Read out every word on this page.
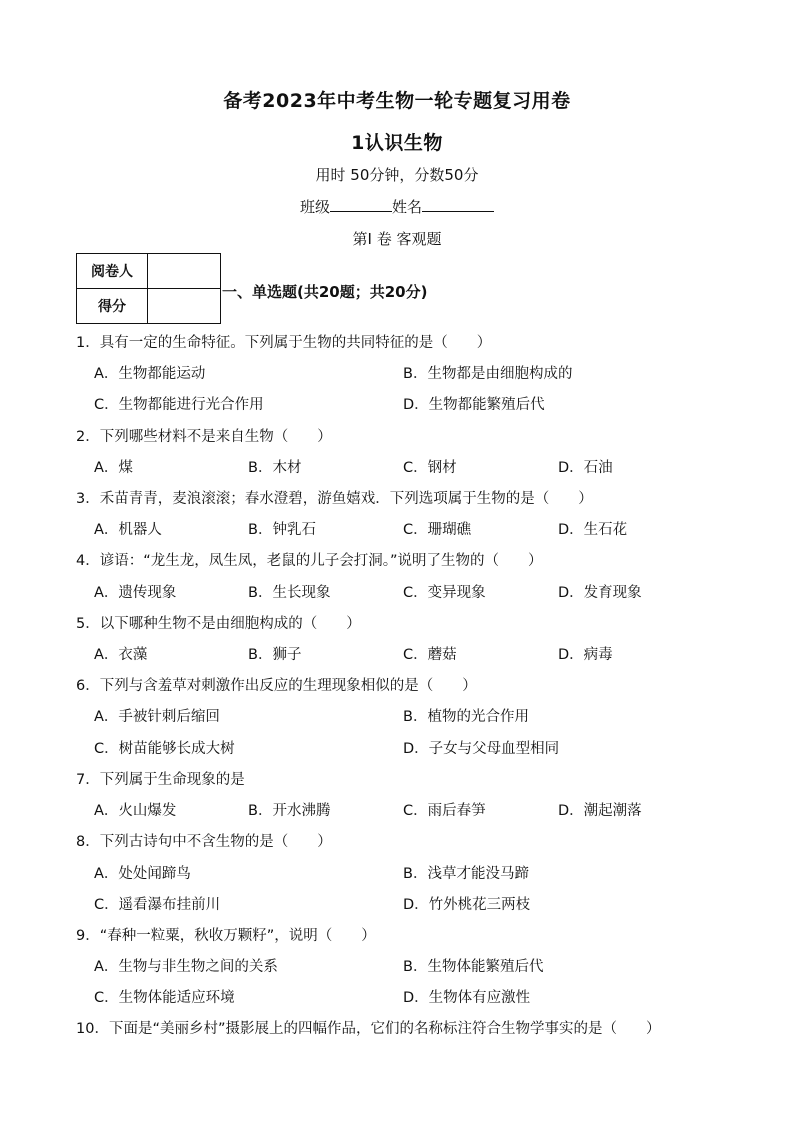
备考2023年中考生物一轮专题复习用卷
1认识生物
用时 50分钟，分数50分
班级	姓名
第Ⅰ 卷 客观题
阅卷人	
得分	
一、单选题(共20题；共20分)
1．具有一定的生命特征。下列属于生物的共同特征的是（　　）
A．生物都能运动	B．生物都是由细胞构成的
C．生物都能进行光合作用	D．生物都能繁殖后代
2．下列哪些材料不是来自生物（　　）
A．煤	B．木材	C．钢材	D．石油
3．禾苗青青，麦浪滚滚；春水澄碧，游鱼嬉戏．下列选项属于生物的是（　　）
A．机器人	B．钟乳石	C．珊瑚礁	D．生石花
4．谚语：“龙生龙，凤生凤，老鼠的儿子会打洞。”说明了生物的（　　）
A．遗传现象	B．生长现象	C．变异现象	D．发育现象
5．以下哪种生物不是由细胞构成的（　　）
A．衣藻	B．狮子	C．蘑菇	D．病毒
6．下列与含羞草对刺激作出反应的生理现象相似的是（　　）
A．手被针刺后缩回	B．植物的光合作用
C．树苗能够长成大树	D．子女与父母血型相同
7．下列属于生命现象的是
A．火山爆发	B．开水沸腾	C．雨后春笋	D．潮起潮落
8．下列古诗句中不含生物的是（　　）
A．处处闻蹄鸟	B．浅草才能没马蹄
C．遥看瀑布挂前川	D．竹外桃花三两枝
9．“春种一粒粟，秋收万颗籽”，说明（　　）
A．生物与非生物之间的关系	B．生物体能繁殖后代
C．生物体能适应环境	D．生物体有应激性
10．下面是“美丽乡村”摄影展上的四幅作品，它们的名称标注符合生物学事实的是（　　）
